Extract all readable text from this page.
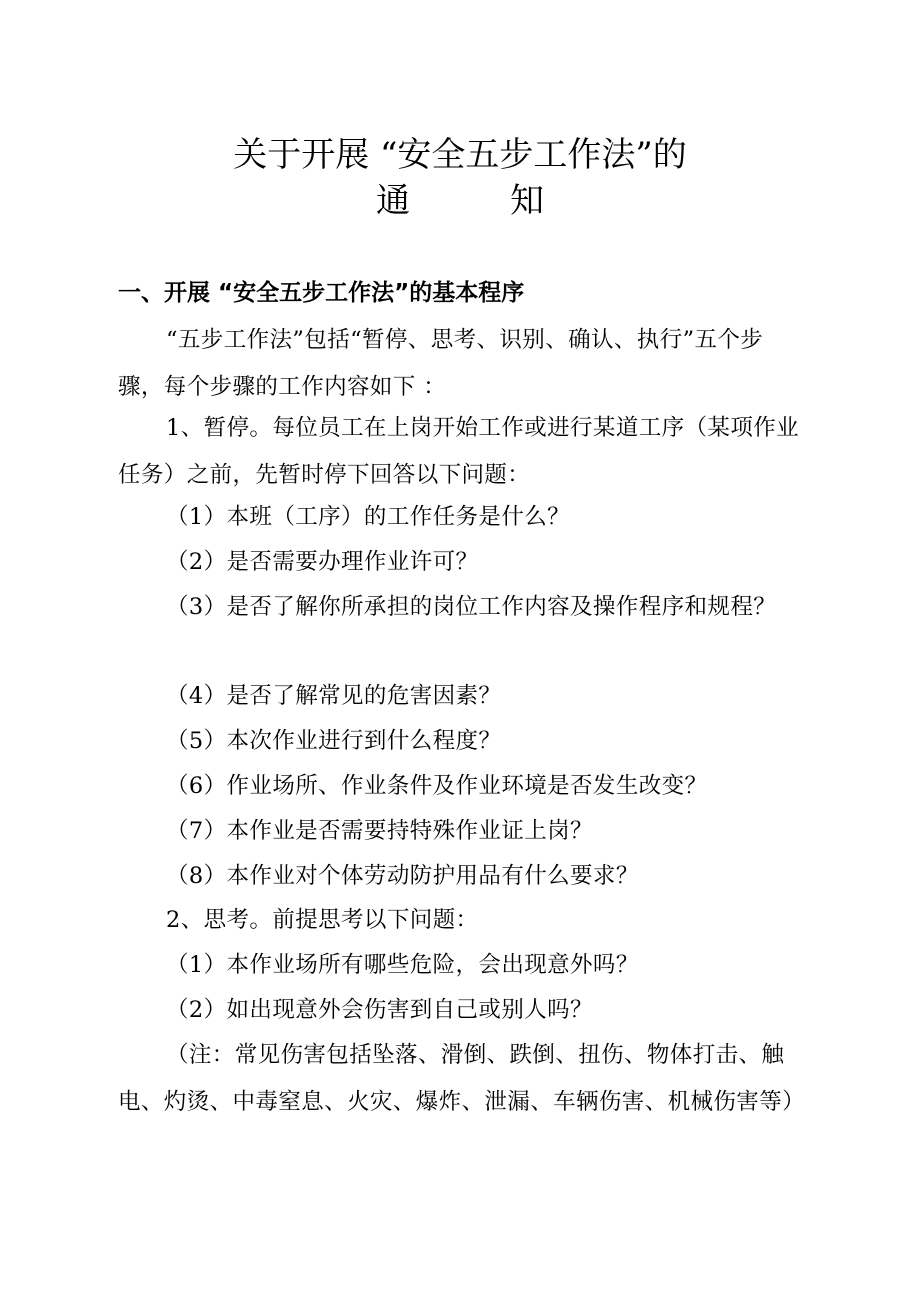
关于开展 “安全五步工作法”的
通	知
一、开展 “安全五步工作法”的基本程序

“五步工作法”包括“暂停、思考、识别、确认、执行”五个步骤，每个步骤的工作内容如下 ：

1、暂停。每位员工在上岗开始工作或进行某道工序（某项作业任务）之前，先暂时停下回答以下问题：

（1）本班（工序）的工作任务是什么？

（2）是否需要办理作业许可？

（3）是否了解你所承担的岗位工作内容及操作程序和规程？

（4）是否了解常见的危害因素？

（5）本次作业进行到什么程度？

（6）作业场所、作业条件及作业环境是否发生改变？

（7）本作业是否需要持特殊作业证上岗？

（8）本作业对个体劳动防护用品有什么要求？

2、思考。前提思考以下问题：

（1）本作业场所有哪些危险，会出现意外吗？

（2）如出现意外会伤害到自己或别人吗？

（注：常见伤害包括坠落、滑倒、跌倒、扭伤、物体打击、触电、灼烫、中毒窒息、火灾、爆炸、泄漏、车辆伤害、机械伤害等）
